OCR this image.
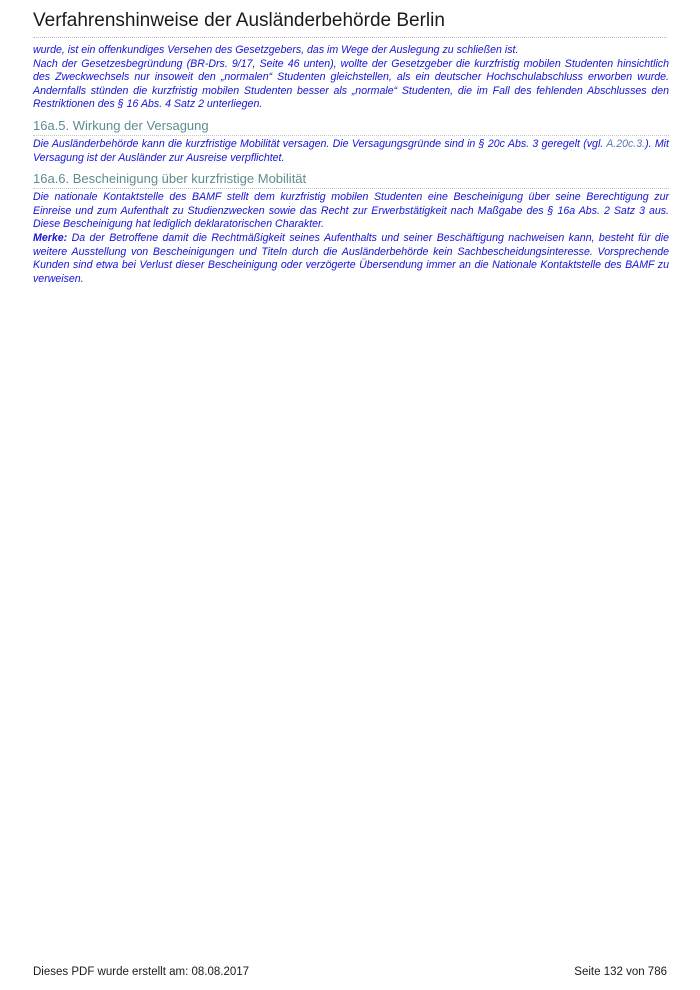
Verfahrenshinweise der Ausländerbehörde Berlin

wurde, ist ein offenkundiges Versehen des Gesetzgebers, das im Wege der Auslegung zu schließen ist.

Nach der Gesetzesbegründung (BR-Drs. 9/17, Seite 46 unten), wollte der Gesetzgeber die kurzfristig mobilen Studenten hinsichtlich des Zweckwechsels nur insoweit den „normalen“ Studenten gleichstellen, als ein deutscher Hochschulabschluss erworben wurde. Andernfalls stünden die kurzfristig mobilen Studenten besser als „normale“ Studenten, die im Fall des fehlenden Abschlusses den Restriktionen des § 16 Abs. 4 Satz 2 unterliegen.

16a.5. Wirkung der Versagung

Die Ausländerbehörde kann die kurzfristige Mobilität versagen. Die Versagungsgründe sind in § 20c Abs. 3 geregelt (vgl. A.20c.3.). Mit Versagung ist der Ausländer zur Ausreise verpflichtet.

16a.6. Bescheinigung über kurzfristige Mobilität

Die nationale Kontaktstelle des BAMF stellt dem kurzfristig mobilen Studenten eine Bescheinigung über seine Berechtigung zur Einreise und zum Aufenthalt zu Studienzwecken sowie das Recht zur Erwerbstätigkeit nach Maßgabe des § 16a Abs. 2 Satz 3 aus. Diese Bescheinigung hat lediglich deklaratorischen Charakter.

Merke: Da der Betroffene damit die Rechtmäßigkeit seines Aufenthalts und seiner Beschäftigung nachweisen kann, besteht für die weitere Ausstellung von Bescheinigungen und Titeln durch die Ausländerbehörde kein Sachbescheidungsinteresse. Vorsprechende Kunden sind etwa bei Verlust dieser Bescheinigung oder verzögerte Übersendung immer an die Nationale Kontaktstelle des BAMF zu verweisen.

Dieses PDF wurde erstellt am: 08.08.2017	Seite 132 von 786
